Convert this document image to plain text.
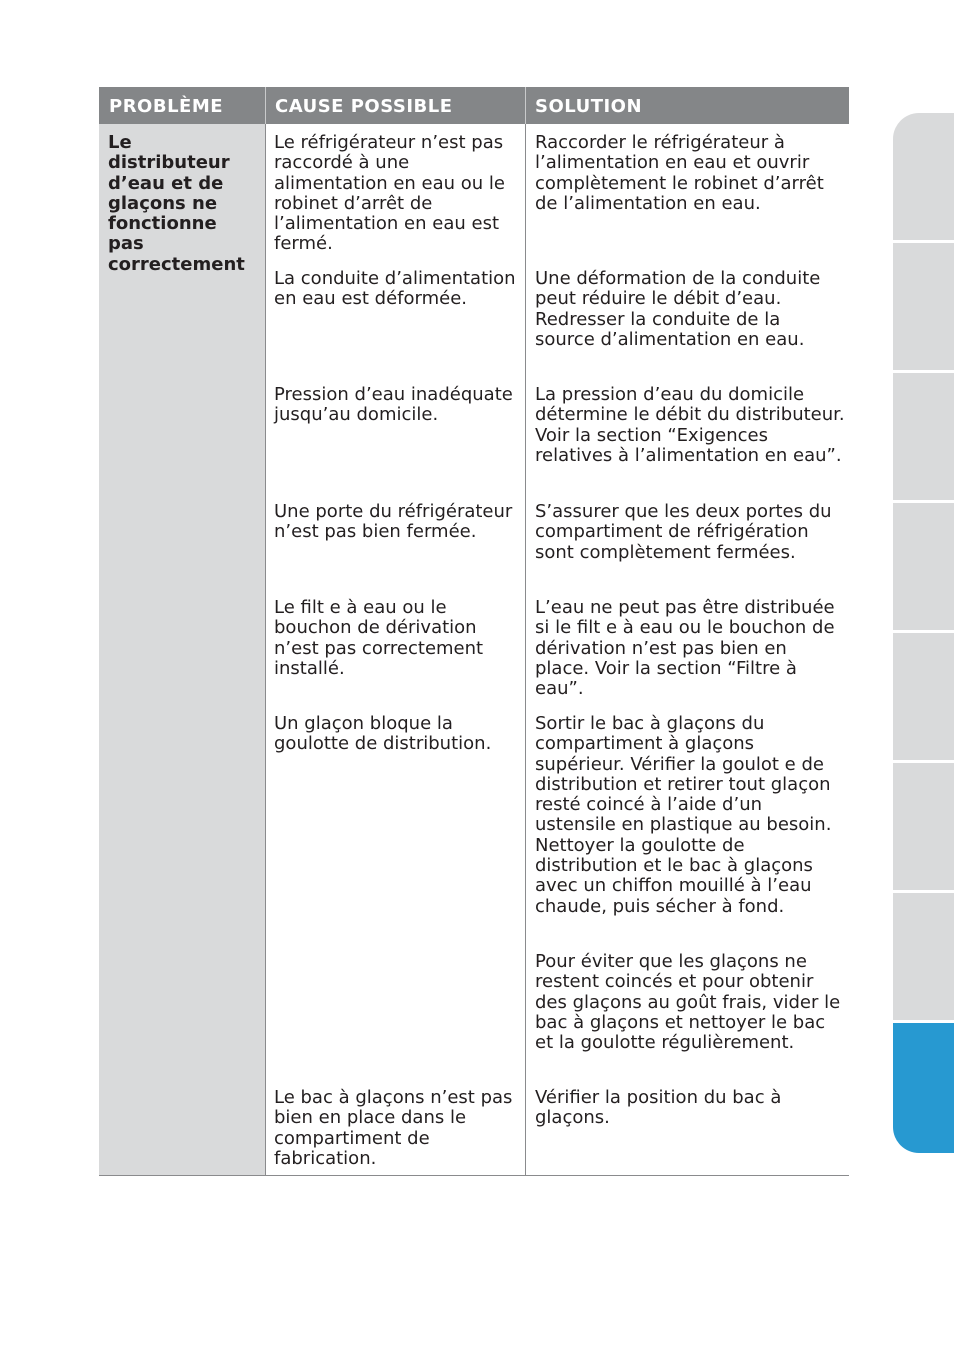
PROBLÈME	CAUSE POSSIBLE	SOLUTION
Le distributeur d’eau et de glaçons ne fonctionne pas correctement
Le réfrigérateur n’est pas raccordé à une alimentation en eau ou le robinet d’arrêt de l’alimentation en eau est fermé.
Raccorder le réfrigérateur à l’alimentation en eau et ouvrir complètement le robinet d’arrêt de l’alimentation en eau.
La conduite d’alimentation en eau est déformée.
Une déformation de la conduite peut réduire le débit d’eau. Redresser la conduite de la source d’alimentation en eau.
Pression d’eau inadéquate jusqu’au domicile.
La pression d’eau du domicile détermine le débit du distributeur. Voir la section “Exigences relatives à l’alimentation en eau”.
Une porte du réfrigérateur n’est pas bien fermée.
S’assurer que les deux portes du compartiment de réfrigération sont complètement fermées.
Le filt e à eau ou le bouchon de dérivation n’est pas correctement installé.
L’eau ne peut pas être distribuée si le filt e à eau ou le bouchon de dérivation n’est pas bien en place. Voir la section “Filtre à eau”.
Un glaçon bloque la goulotte de distribution.
Sortir le bac à glaçons du compartiment à glaçons supérieur. Vérifier la goulot e de distribution et retirer tout glaçon resté coincé à l’aide d’un ustensile en plastique au besoin. Nettoyer la goulotte de distribution et le bac à glaçons avec un chiffon mouillé à l’eau chaude, puis sécher à fond.
Pour éviter que les glaçons ne restent coincés et pour obtenir des glaçons au goût frais, vider le bac à glaçons et nettoyer le bac et la goulotte régulièrement.
Le bac à glaçons n’est pas bien en place dans le compartiment de fabrication.
Vérifier la position du bac à glaçons.
